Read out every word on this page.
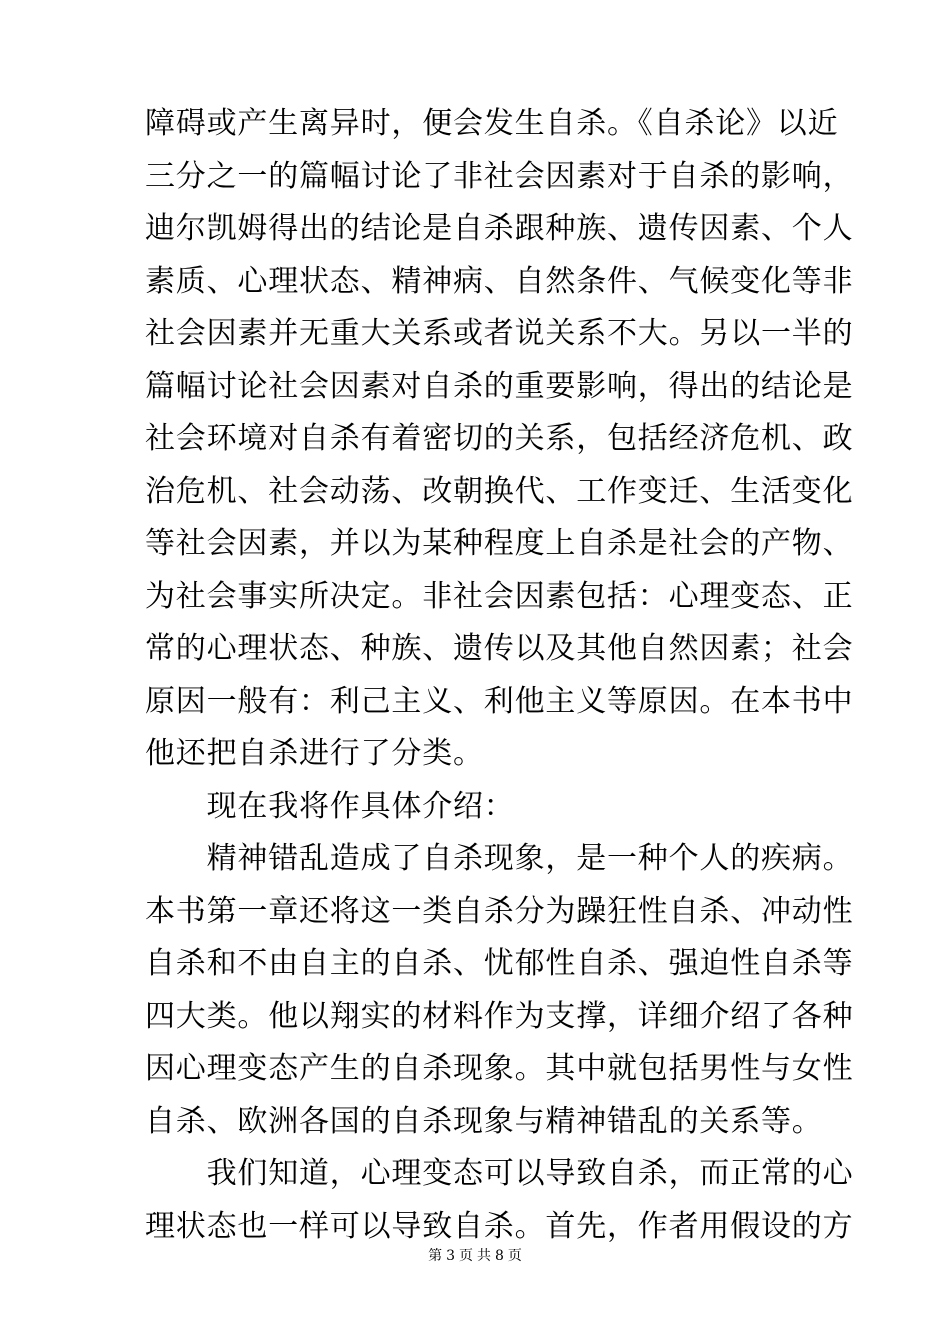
障碍或产生离异时，便会发生自杀。《自杀论》以近
三分之一的篇幅讨论了非社会因素对于自杀的影响，
迪尔凯姆得出的结论是自杀跟种族、遗传因素、个人
素质、心理状态、精神病、自然条件、气候变化等非
社会因素并无重大关系或者说关系不大。另以一半的
篇幅讨论社会因素对自杀的重要影响，得出的结论是
社会环境对自杀有着密切的关系，包括经济危机、政
治危机、社会动荡、改朝换代、工作变迁、生活变化
等社会因素，并以为某种程度上自杀是社会的产物、
为社会事实所决定。非社会因素包括：心理变态、正
常的心理状态、种族、遗传以及其他自然因素；社会
原因一般有：利己主义、利他主义等原因。在本书中
他还把自杀进行了分类。
　　现在我将作具体介绍：
　　精神错乱造成了自杀现象，是一种个人的疾病。
本书第一章还将这一类自杀分为躁狂性自杀、冲动性
自杀和不由自主的自杀、忧郁性自杀、强迫性自杀等
四大类。他以翔实的材料作为支撑，详细介绍了各种
因心理变态产生的自杀现象。其中就包括男性与女性
自杀、欧洲各国的自杀现象与精神错乱的关系等。
　　我们知道，心理变态可以导致自杀，而正常的心
理状态也一样可以导致自杀。首先，作者用假设的方
第 3 页 共 8 页
